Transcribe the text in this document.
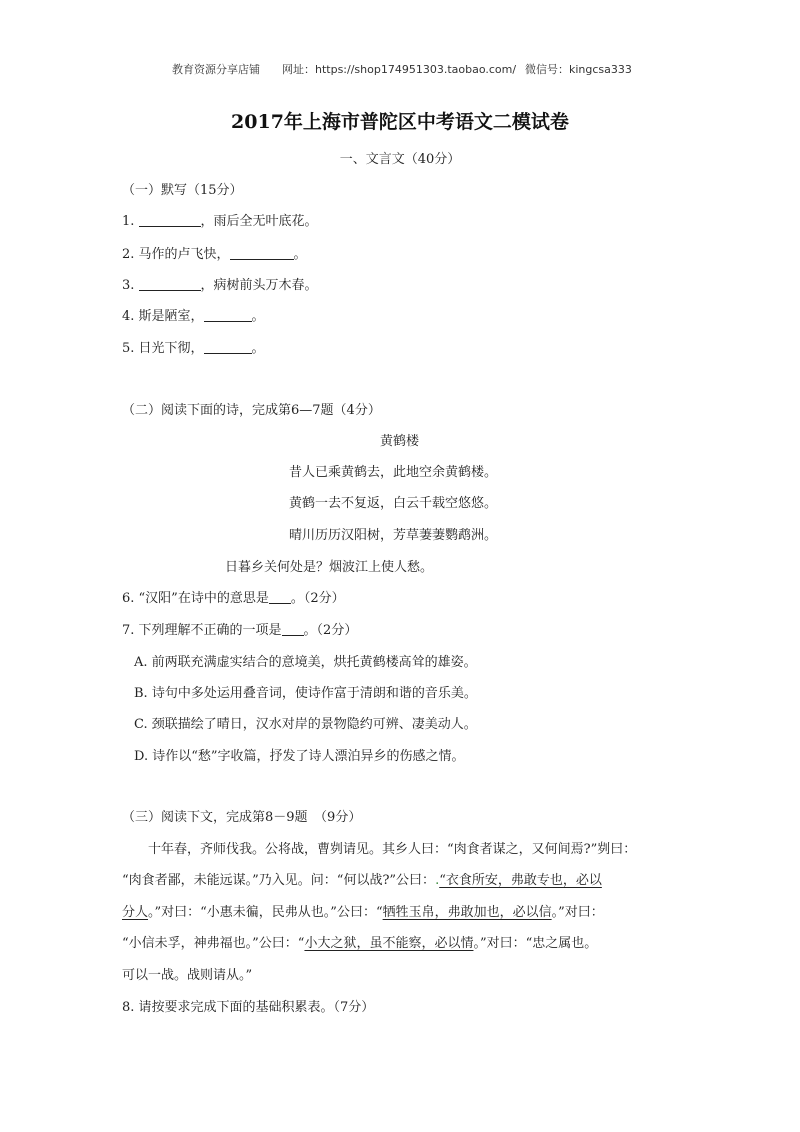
教育资源分享店铺 网址：https://shop174951303.taobao.com/ 微信号：kingcsa333
2017年上海市普陀区中考语文二模试卷
一、文言文（40分）
（一）默写（15分）
1.	，雨后全无叶底花。
2. 马作的卢飞快，	。
3.	，病树前头万木春。
4. 斯是陋室，	。
5. 日光下彻，	。
（二）阅读下面的诗，完成第6—7题（4分）
黄鹤楼
昔人已乘黄鹤去，此地空余黄鹤楼。
黄鹤一去不复返，白云千载空悠悠。
晴川历历汉阳树，芳草萋萋鹦鹉洲。
日暮乡关何处是？烟波江上使人愁。
6. “汉阳”在诗中的意思是 。（2分）
7. 下列理解不正确的一项是 。（2分）
A. 前两联充满虚实结合的意境美，烘托黄鹤楼高耸的雄姿。
B. 诗句中多处运用叠音词，使诗作富于清朗和谐的音乐美。
C. 颈联描绘了晴日，汉水对岸的景物隐约可辨、凄美动人。
D. 诗作以“愁”字收篇，抒发了诗人漂泊异乡的伤感之情。
（三）阅读下文，完成第8－9题　（9分）
十年春，齐师伐我。公将战，曹刿请见。其乡人曰：“肉食者谋之，又何间焉?”刿曰：
“肉食者鄙，未能远谋。”乃入见。问：“何以战?”公曰：.“衣食所安，弗敢专也，必以
分人。”对曰：“小惠未徧，民弗从也。”公曰：“牺牲玉帛，弗敢加也，必以信。”对曰：
“小信未孚，神弗福也。”公曰：“小大之狱，虽不能察，必以情。”对曰：“忠之属也。
可以一战。战则请从。”
8. 请按要求完成下面的基础积累表。（7分）
